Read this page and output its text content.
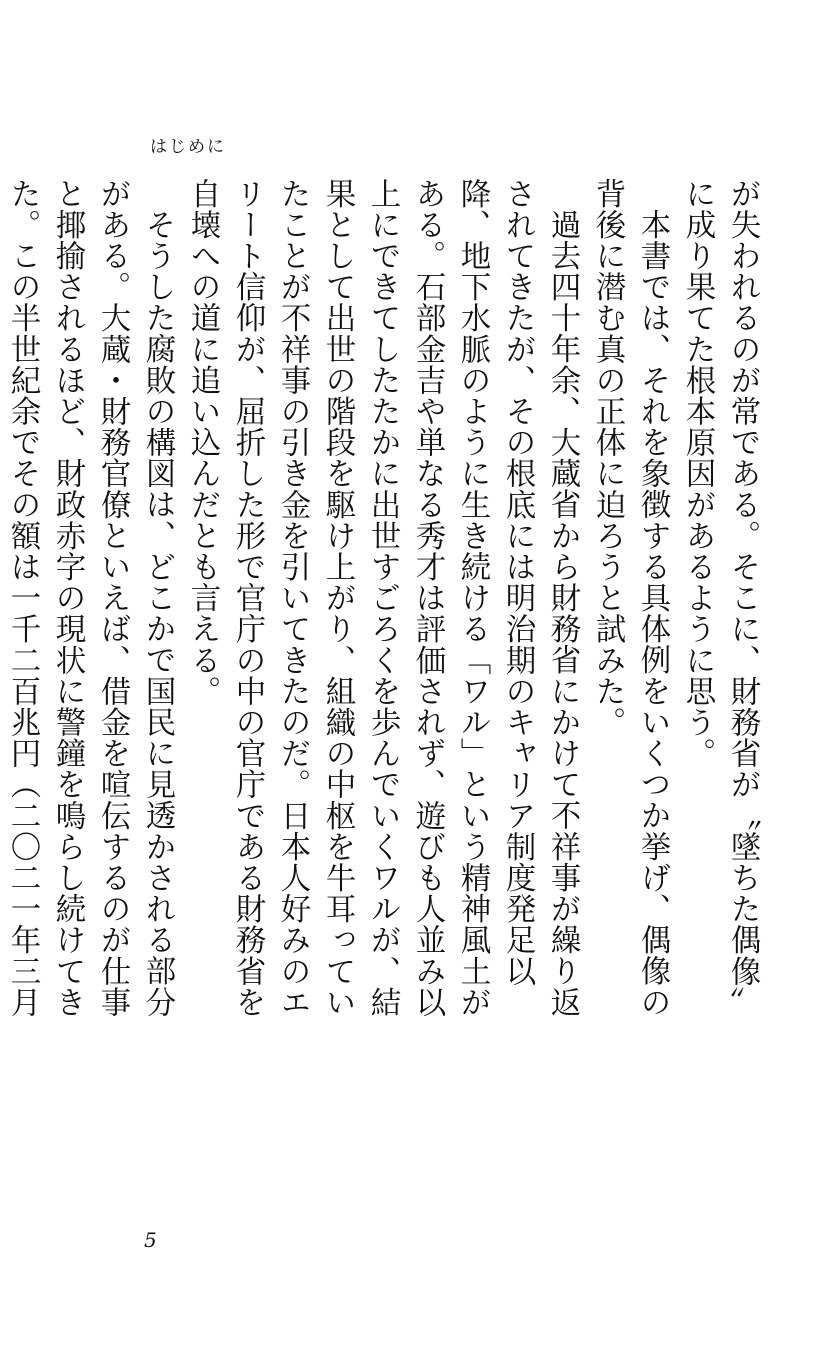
はじめに

が失われるのが常である。そこに、財務省が〝墜ちた偶像〟に成り果てた根本原因があるように思う。

本書では、それを象徴する具体例をいくつか挙げ、偶像の背後に潜む真の正体に迫ろうと試みた。

過去四十年余、大蔵省から財務省にかけて不祥事が繰り返されてきたが、その根底には明治期のキャリア制度発足以降、地下水脈のように生き続ける「ワル」という精神風土がある。石部金吉や単なる秀才は評価されず、遊びも人並み以上にできてしたたかに出世すごろくを歩んでいくワルが、結果として出世の階段を駆け上がり、組織の中枢を牛耳っていたことが不祥事の引き金を引いてきたのだ。日本人好みのエリート信仰が、屈折した形で官庁の中の官庁である財務省を自壊への道に追い込んだとも言える。

そうした腐敗の構図は、どこかで国民に見透かされる部分がある。大蔵・財務官僚といえば、借金を喧伝するのが仕事と揶揄されるほど、財政赤字の現状に警鐘を鳴らし続けてきた。この半世紀余でその額は一千二百兆円（二〇二一年三月

5
